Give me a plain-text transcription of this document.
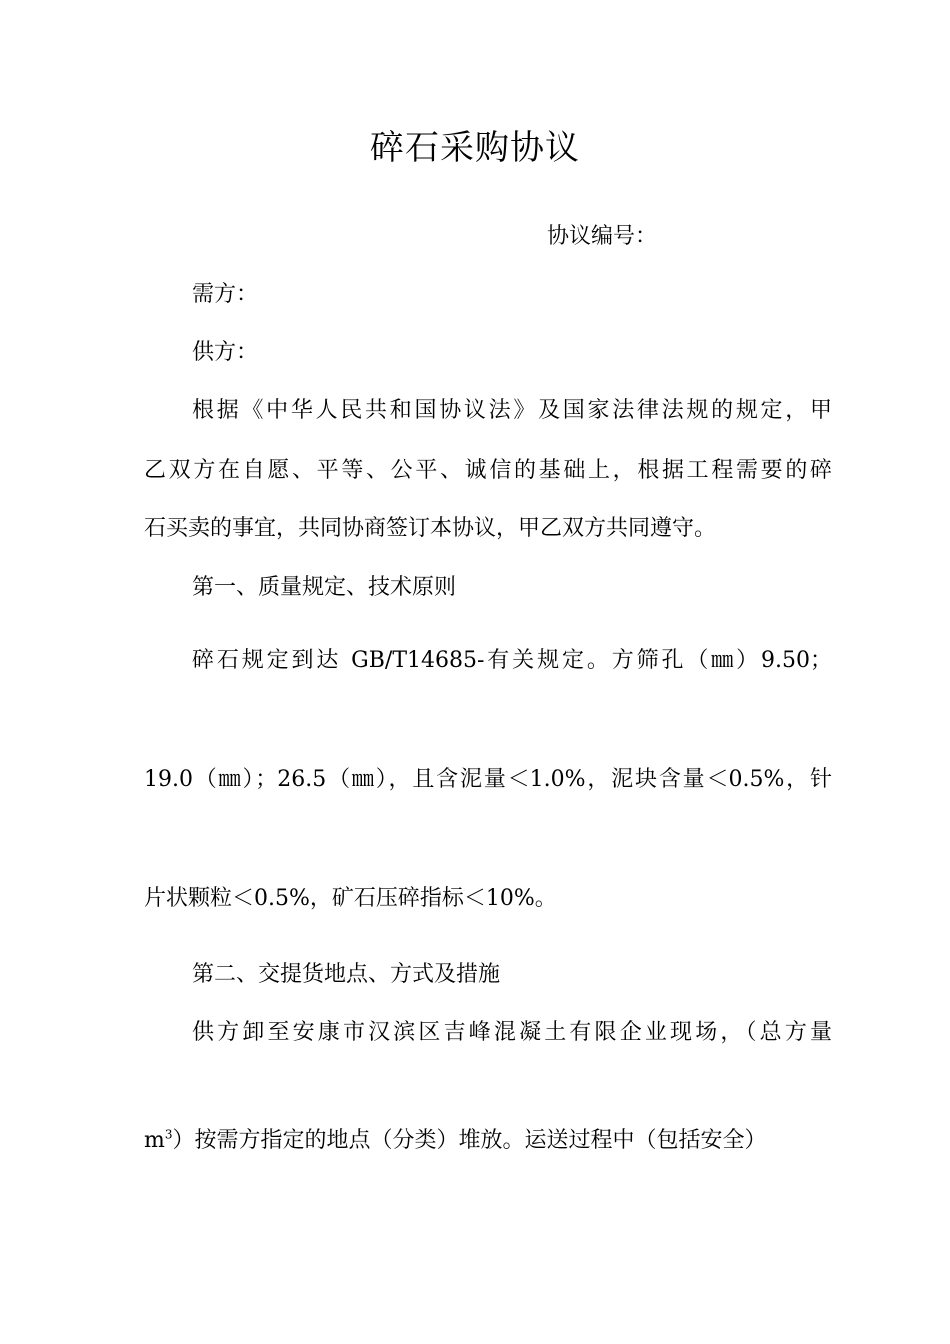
碎石采购协议
协议编号：
需方：
供方：
根据《中华人民共和国协议法》及国家法律法规的规定，甲
乙双方在自愿、平等、公平、诚信的基础上，根据工程需要的碎
石买卖的事宜，共同协商签订本协议，甲乙双方共同遵守。
第一、质量规定、技术原则
碎石规定到达 GB/T14685-有关规定。方筛孔（㎜）9.50；
19.0（㎜）；26.5（㎜），且含泥量＜1.0%，泥块含量＜0.5%，针
片状颗粒＜0.5%，矿石压碎指标＜10%。
第二、交提货地点、方式及措施
供方卸至安康市汉滨区吉峰混凝土有限企业现场，（总方量
$m^3$）按需方指定的地点（分类）堆放。运送过程中（包括安全）
